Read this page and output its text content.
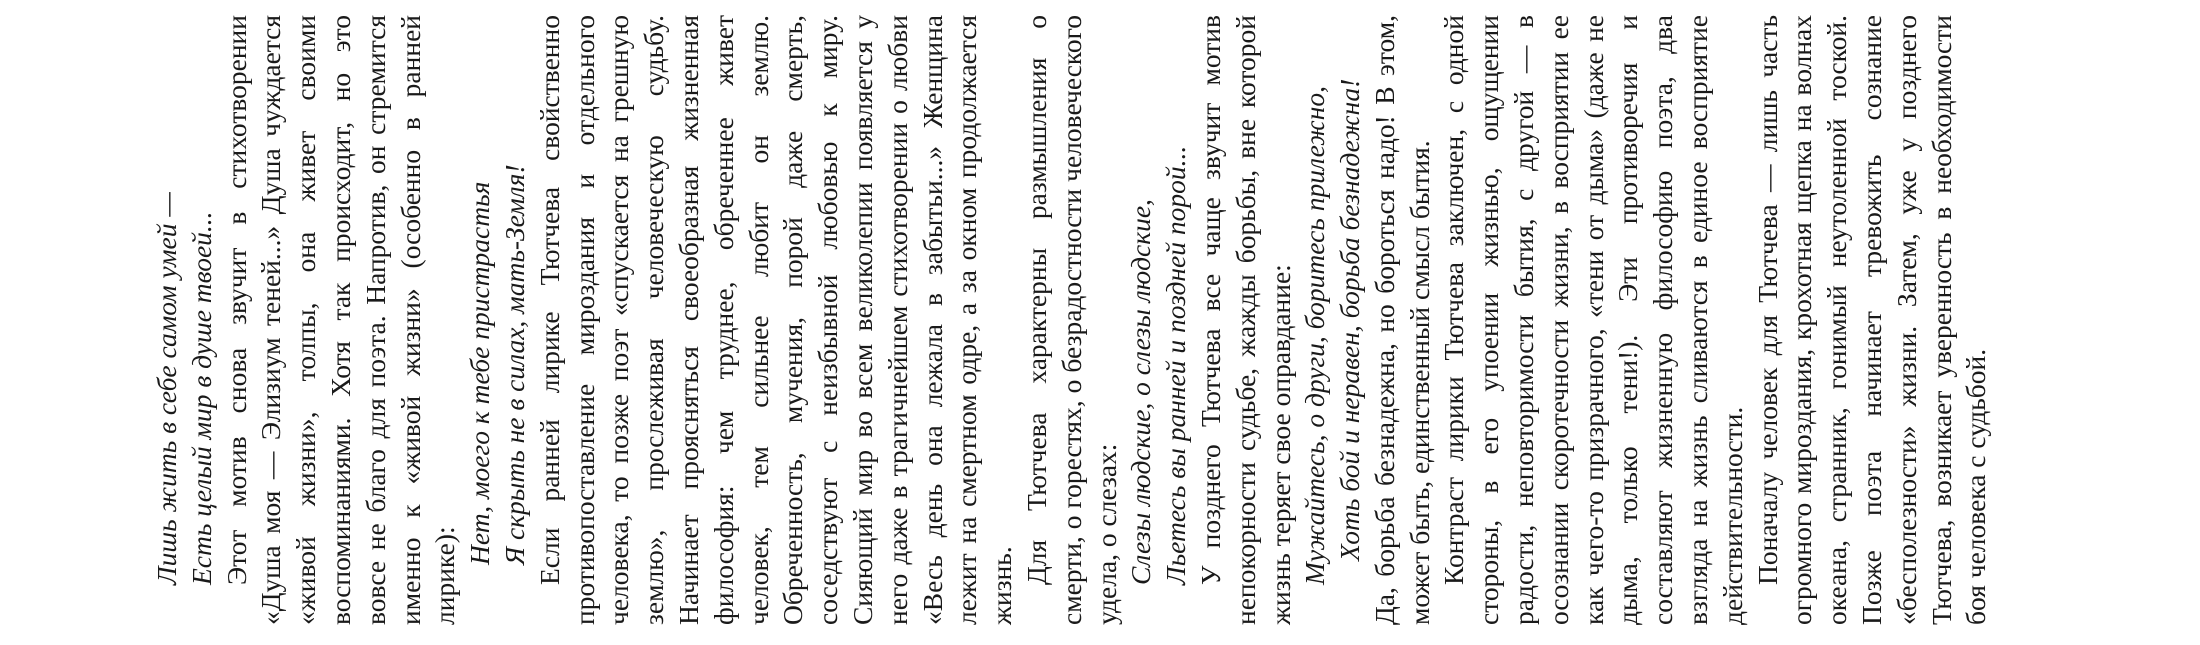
Лишь жить в себе самом умей — Есть целый мир в душе твоей... Этот мотив снова звучит в стихотворении «Душа моя — Элизиум теней...» Душа чуждается «живой жизни», толпы, она живет своими воспоминаниями. Хотя так происходит, но это вовсе не благо для поэта. Напротив, он стремится именно к «живой жизни» (особенно в ранней лирике):

Нет, моего к тебе пристрастья Я скрыть не в силах, мать-Земля! Если ранней лирике Тютчева свойственно противопоставление мироздания и отдельного человека, то позже поэт «спускается на грешную землю», прослеживая человеческую судьбу. Начинает проясняться своеобразная жизненная философия: чем труднее, обреченнее живет человек, тем сильнее любит он землю. Обреченность, мучения, порой даже смерть, соседствуют с неизбывной любовью к миру. Сияющий мир во всем великолепии появляется у него даже в трагичнейшем стихотворении о любви «Весь день она лежала в забытьи...» Женщина лежит на смертном одре, а за окном продолжается жизнь.

Для Тютчева характерны размышления о смерти, о горестях, о безрадостности человеческого удела, о слезах: Слезы людские, о слезы людские, Льетесь вы ранней и поздней порой... У позднего Тютчева все чаще звучит мотив непокорности судьбе, жажды борьбы, вне которой жизнь теряет свое оправдание: Мужайтесь, о други, боритесь прилежно, Хоть бой и неравен, борьба безнадежна! Да, борьба безнадежна, но бороться надо! В этом, может быть, единственный смысл бытия. Контраст лирики Тютчева заключен, с одной стороны, в его упоении жизнью, ощущении радости, неповторимости бытия, с другой — в осознании скоротечности жизни, в восприятии ее как чего-то призрачного, «тени от дыма» (даже не дыма, только тени!). Эти противоречия и составляют жизненную философию поэта, два взгляда на жизнь сливаются в единое восприятие действительности. Поначалу человек для Тютчева — лишь часть огромного мироздания, крохотная щепка на волнах океана, странник, гонимый неутоленной тоской. Позже поэта начинает тревожить сознание «бесполезности» жизни. Затем, уже у позднего Тютчева, возникает уверенность в необходимости боя человека с судьбой.
